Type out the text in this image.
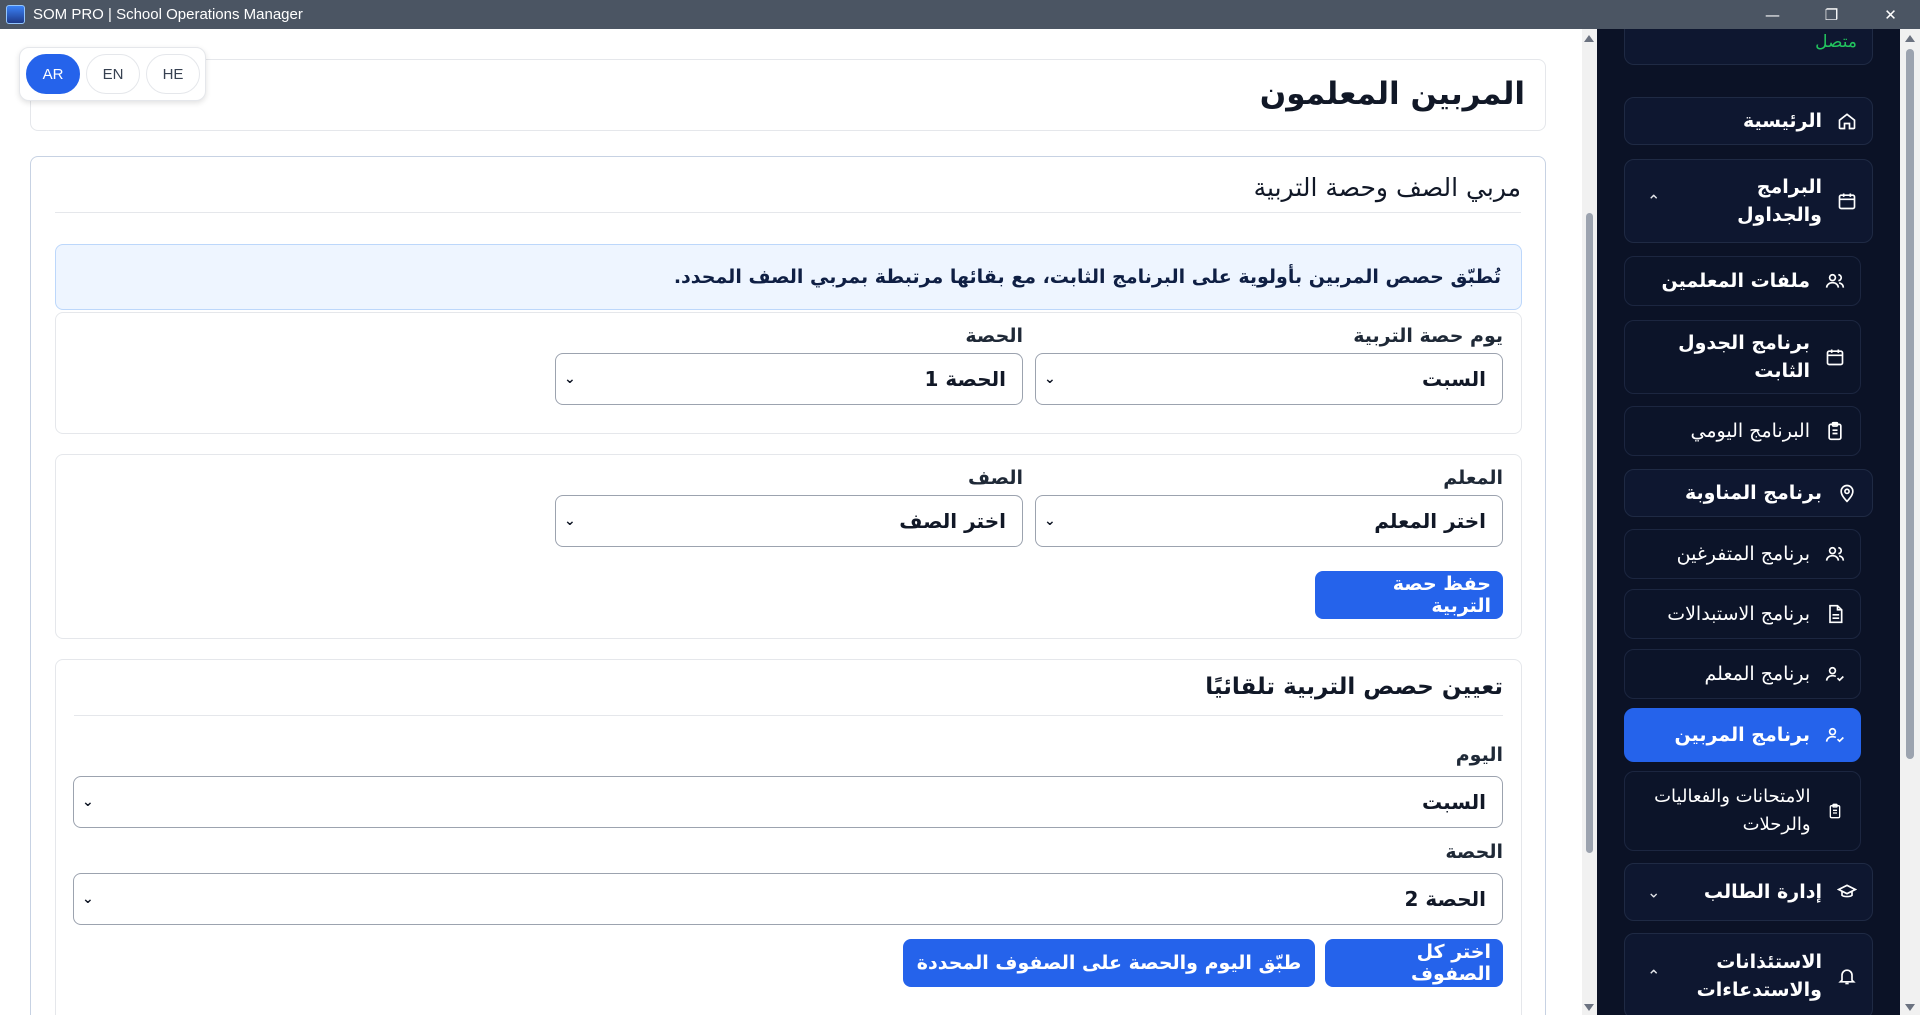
SOM PRO | School Operations Manager	—	❐	✕
المربين المعلمون
مربي الصف وحصة التربية
تُطبّق حصص المربين بأولوية على البرنامج الثابت، مع بقائها مرتبطة بمربي الصف المحدد.
يوم حصة التربية
السبت
⌄
الحصة
الحصة 1
⌄
المعلم
اختر المعلم
⌄
الصف
اختر الصف
⌄
حفظ حصة التربية
تعيين حصص التربية تلقائيًا
اليوم
السبت
⌄
الحصة
الحصة 2
⌄
اختر كل الصفوف
طبّق اليوم والحصة على الصفوف المحددة
AR	EN	HE
متصل
الرئيسية
⌃
البرامج والجداول
ملفات المعلمين
برنامج الجدول الثابت
البرنامج اليومي
برنامج المناوبة
برنامج المتفرغين
برنامج الاستبدالات
برنامج المعلم
برنامج المربين
الامتحانات والفعاليات والرحلات
⌄ إدارة الطالب
⌃
الاستئذانات والاستدعاءات
